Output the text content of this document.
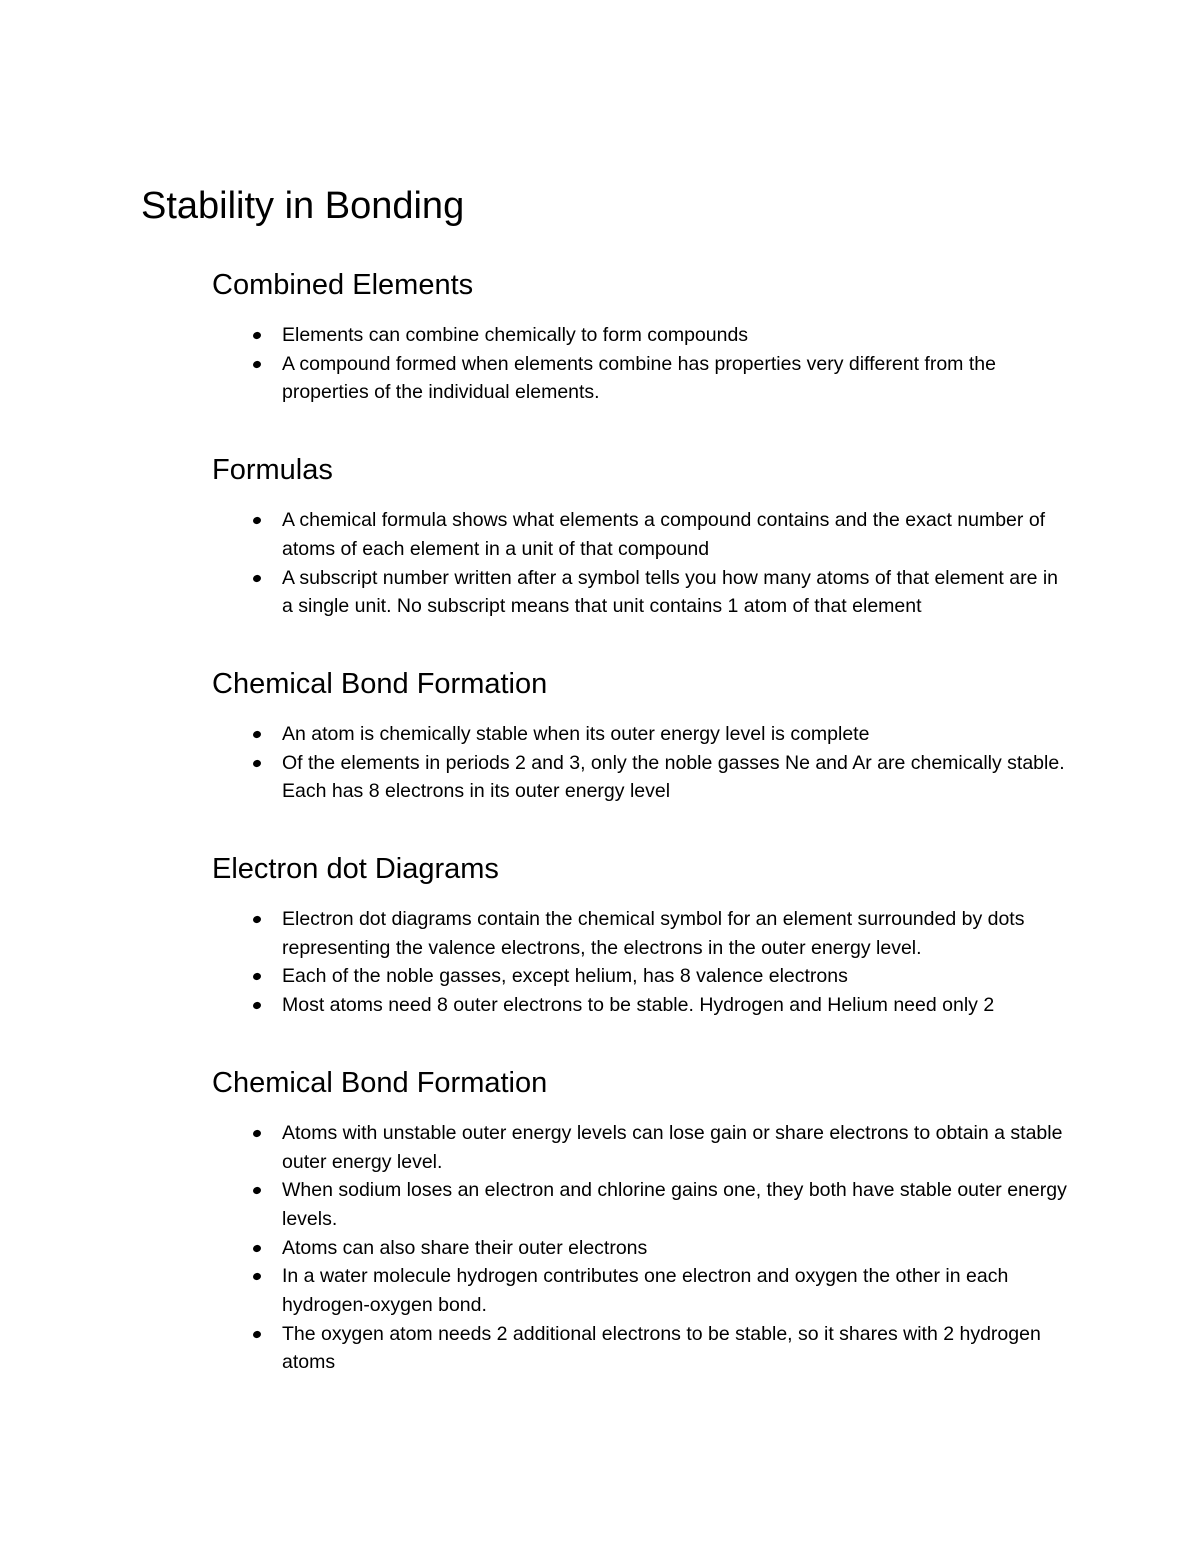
Stability in Bonding
Combined Elements
Elements can combine chemically to form compounds
A compound formed when elements combine has properties very different from the properties of the individual elements.
Formulas
A chemical formula shows what elements a compound contains and the exact number of atoms of each element in a unit of that compound
A subscript number written after a symbol tells you how many atoms of that element are in a single unit. No subscript means that unit contains 1 atom of that element
Chemical Bond Formation
An atom is chemically stable when its outer energy level is complete
Of the elements in periods 2 and 3, only the noble gasses Ne and Ar are chemically stable. Each has 8 electrons in its outer energy level
Electron dot Diagrams
Electron dot diagrams contain the chemical symbol for an element surrounded by dots representing the valence electrons, the electrons in the outer energy level.
Each of the noble gasses, except helium, has 8 valence electrons
Most atoms need 8 outer electrons to be stable. Hydrogen and Helium need only 2
Chemical Bond Formation
Atoms with unstable outer energy levels can lose gain or share electrons to obtain a stable outer energy level.
When sodium loses an electron and chlorine gains one, they both have stable outer energy levels.
Atoms can also share their outer electrons
In a water molecule hydrogen contributes one electron and oxygen the other in each hydrogen-oxygen bond.
The oxygen atom needs 2 additional electrons to be stable, so it shares with 2 hydrogen atoms
